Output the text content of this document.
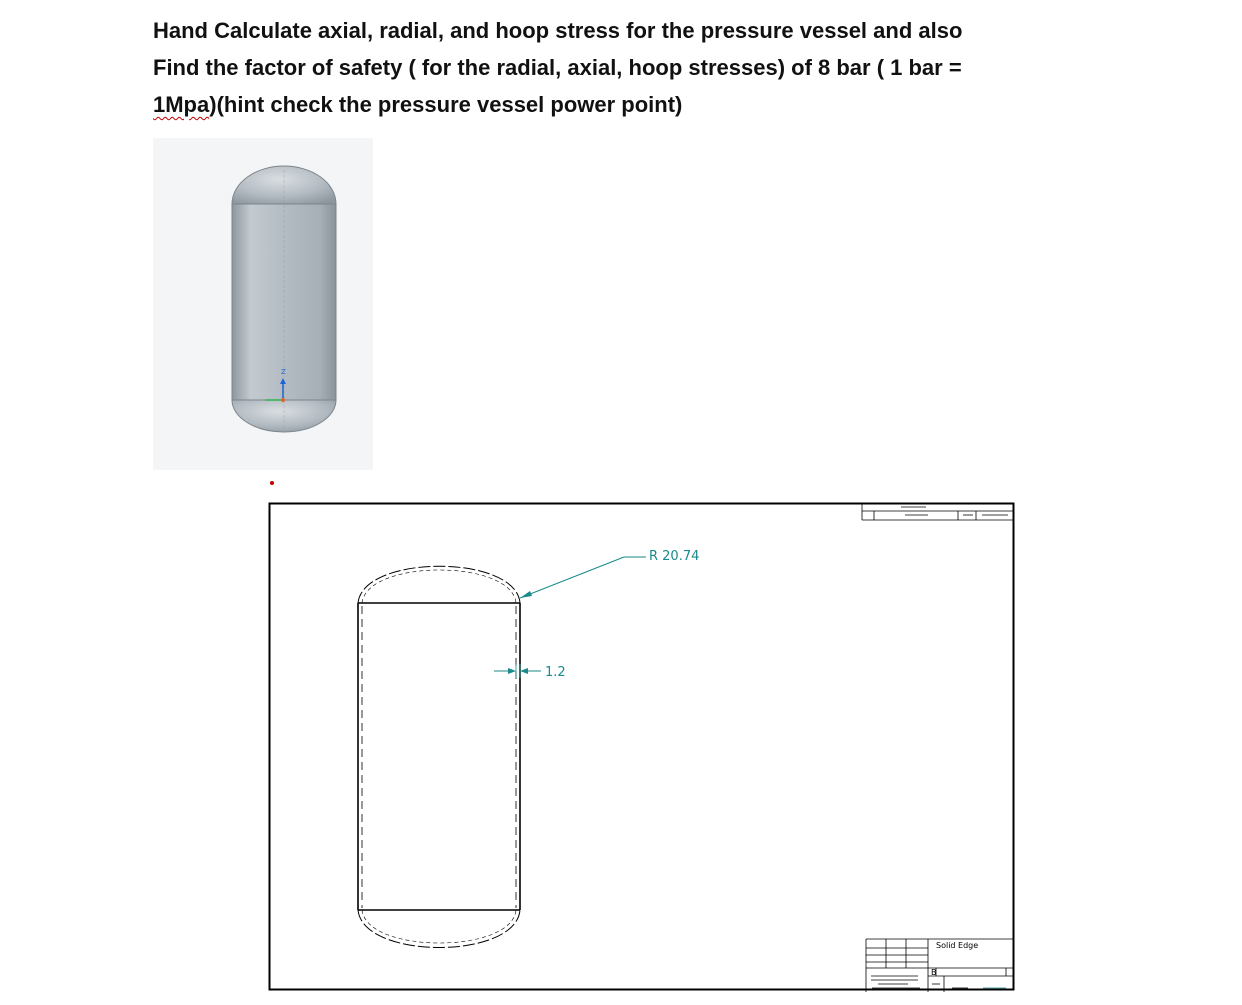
Hand Calculate axial, radial, and hoop stress for the pressure vessel and also
Find the factor of safety ( for the radial, axial, hoop stresses) of 8 bar ( 1 bar =
1Mpa)(hint check the pressure vessel power point)

Z
R 20.74
1.2
Solid Edge
B
